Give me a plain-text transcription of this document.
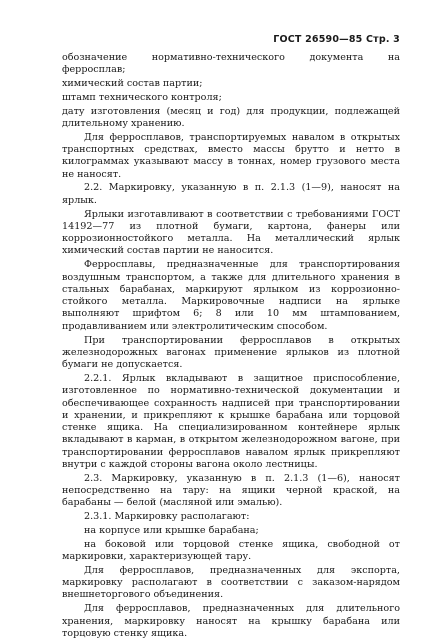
ГОСТ 26590—85 Стр. 3

обозначение нормативно-технического документа на ферросплав;

химический состав партии;

штамп технического контроля;

дату изготовления (месяц и год) для продукции, подлежащей длительному хранению.

Для ферросплавов, транспортируемых навалом в открытых транспортных средствах, вместо массы брутто и нетто в килограммах указывают массу в тоннах, номер грузового места не наносят.

2.2. Маркировку, указанную в п. 2.1.3 (1—9), наносят на ярлык.

Ярлыки изготавливают в соответствии с требованиями ГОСТ 14192—77 из плотной бумаги, картона, фанеры или коррозионностойкого металла. На металлический ярлык химический состав партии не наносится.

Ферросплавы, предназначенные для транспортирования воздушным транспортом, а также для длительного хранения в стальных барабанах, маркируют ярлыком из коррозионно-стойкого металла. Маркировочные надписи на ярлыке выполняют шрифтом 6; 8 или 10 мм штампованием, продавливанием или электролитическим способом.

При транспортировании ферросплавов в открытых железнодорожных вагонах применение ярлыков из плотной бумаги не допускается.

2.2.1. Ярлык вкладывают в защитное приспособление, изготовленное по нормативно-технической документации и обеспечивающее сохранность надписей при транспортировании и хранении, и прикрепляют к крышке барабана или торцовой стенке ящика. На специализированном контейнере ярлык вкладывают в карман, в открытом железнодорожном вагоне, при транспортировании ферросплавов навалом ярлык прикрепляют внутри с каждой стороны вагона около лестницы.

2.3. Маркировку, указанную в п. 2.1.3 (1—6), наносят непосредственно на тару: на ящики черной краской, на барабаны — белой (масляной или эмалью).

2.3.1. Маркировку располагают:

на корпусе или крышке барабана;

на боковой или торцовой стенке ящика, свободной от маркировки, характеризующей тару.

Для ферросплавов, предназначенных для экспорта, маркировку располагают в соответствии с заказом-нарядом внешнеторгового объединения.

Для ферросплавов, предназначенных для длительного хранения, маркировку наносят на крышку барабана или торцовую стенку ящика.
